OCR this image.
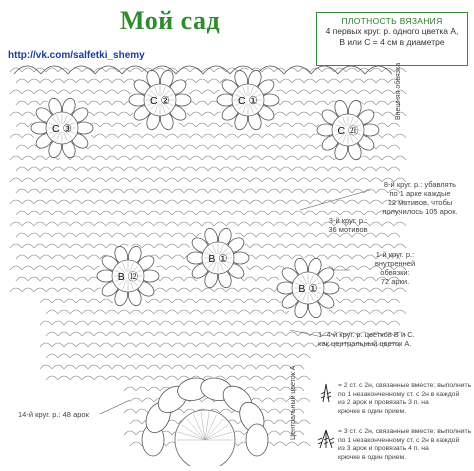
С ②	С ①
С ③	С ㉑
В ①
В ⑫
В ①
Мой сад
http://vk.com/salfetki_shemy
ПЛОТНОСТЬ ВЯЗАНИЯ
4 первых круг. р. одного цветка А,
В или С = 4 см в диаметре
8-й круг. р.: убавлять
по 1 арке каждые
12 мотивов, чтобы
получилось 105 арок.
3-й круг. р.:
36 мотивов
1-й круг. р.:
внутренней
обвязки:
72 арки.
1–4-й круг. р. цветков В и С.
как центральный цветок А.
14-й круг. р.: 48 арок
= 2 ст. с 2н, связанные вместе: выполнить
по 1 незаконченному ст. с 2н в каждой
из 2 арок и провязать 3 п. на
крючке в один прием.
= 3 ст. с 2н, связанные вместе: выполнить
по 1 незаконченному ст. с 2н в каждой
из 3 арок и провязать 4 п. на
крючке в один прием.
Внешняя обвязка
Центральный цветок А
